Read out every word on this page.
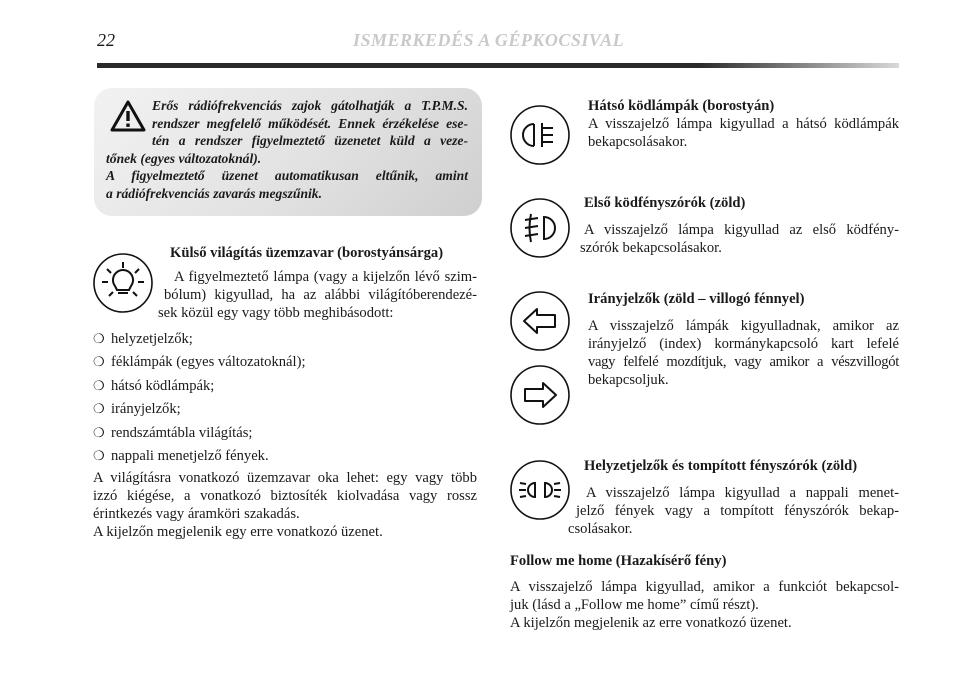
22	ISMERKEDÉS A GÉPKOCSIVAL

Erős rádiófrekvenciás zajok gátolhatják a T.P.M.S.

rendszer megfelelő működését. Ennek érzékelése ese-

tén a rendszer figyelmeztető üzenetet küld a veze-

tőnek (egyes változatoknál).

A figyelmeztető üzenet automatikusan eltűnik, amint

a rádiófrekvenciás zavarás megszűnik.

Külső világítás üzemzavar (borostyánsárga)

A figyelmeztető lámpa (vagy a kijelzőn lévő szim-

bólum) kigyullad, ha az alábbi világítóberendezé-

sek közül egy vagy több meghibásodott:

❍ helyzetjelzők;
❍ féklámpák (egyes változatoknál);
❍ hátsó ködlámpák;
❍ irányjelzők;
❍ rendszámtábla világítás;
❍ nappali menetjelző fények.

A világításra vonatkozó üzemzavar oka lehet: egy vagy több

izzó kiégése, a vonatkozó biztosíték kiolvadása vagy rossz

érintkezés vagy áramköri szakadás.

A kijelzőn megjelenik egy erre vonatkozó üzenet.

Hátsó ködlámpák (borostyán)

A visszajelző lámpa kigyullad a hátsó ködlámpák

bekapcsolásakor.

Első ködfényszórók (zöld)

A visszajelző lámpa kigyullad az első ködfény-

szórók bekapcsolásakor.

Irányjelzők (zöld – villogó fénnyel)

A visszajelző lámpák kigyulladnak, amikor az

irányjelző (index) kormánykapcsoló kart lefelé

vagy felfelé mozdítjuk, vagy amikor a vészvillogót

bekapcsoljuk.

Helyzetjelzők és tompított fényszórók (zöld)

A visszajelző lámpa kigyullad a nappali menet-

jelző fények vagy a tompított fényszórók bekap-

csolásakor.

Follow me home (Hazakísérő fény)

A visszajelző lámpa kigyullad, amikor a funkciót bekapcsol-

juk (lásd a „Follow me home” című részt).

A kijelzőn megjelenik az erre vonatkozó üzenet.
